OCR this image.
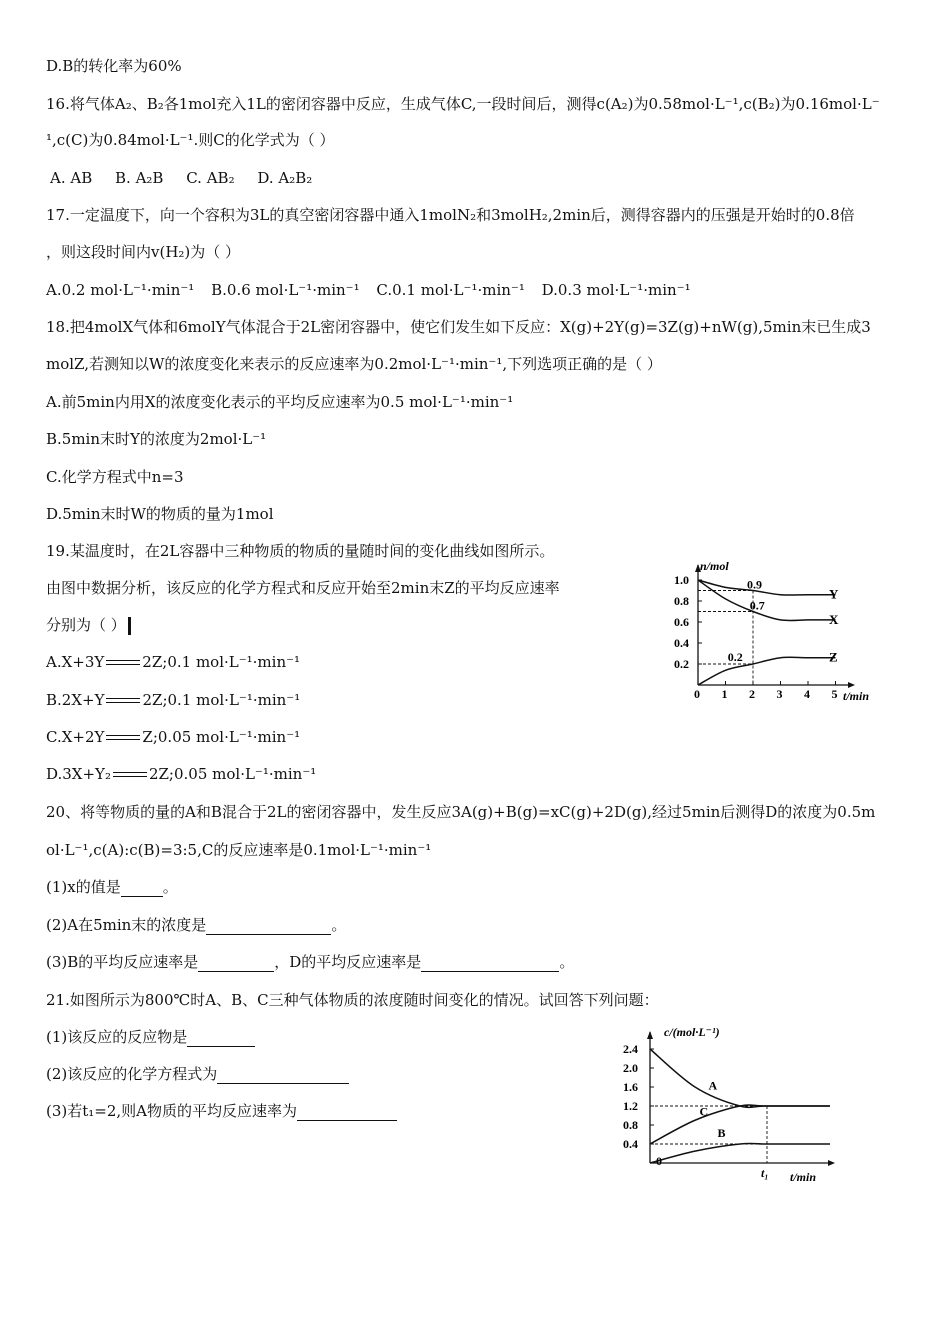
D.B的转化率为60%
16.将气体A₂、B₂各1mol充入1L的密闭容器中反应，生成气体C,一段时间后，测得c(A₂)为0.58mol·L⁻¹,c(B₂)为0.16mol·L⁻
¹,c(C)为0.84mol·L⁻¹.则C的化学式为（ ）
A. AB B. A₂B C. AB₂ D. A₂B₂
17.一定温度下，向一个容积为3L的真空密闭容器中通入1molN₂和3molH₂,2min后，测得容器内的压强是开始时的0.8倍
，则这段时间内v(H₂)为（ ）
A.0.2 mol·L⁻¹·min⁻¹ B.0.6 mol·L⁻¹·min⁻¹ C.0.1 mol·L⁻¹·min⁻¹ D.0.3 mol·L⁻¹·min⁻¹
18.把4molX气体和6molY气体混合于2L密闭容器中，使它们发生如下反应：X(g)+2Y(g)=3Z(g)+nW(g),5min末已生成3
molZ,若测知以W的浓度变化来表示的反应速率为0.2mol·L⁻¹·min⁻¹,下列选项正确的是（ ）
A.前5min内用X的浓度变化表示的平均反应速率为0.5 mol·L⁻¹·min⁻¹
B.5min末时Y的浓度为2mol·L⁻¹
C.化学方程式中n=3
D.5min末时W的物质的量为1mol
19.某温度时，在2L容器中三种物质的物质的量随时间的变化曲线如图所示。
由图中数据分析，该反应的化学方程式和反应开始至2min末Z的平均反应速率
分别为（ ）
A.X+3Y	2Z;0.1 mol·L⁻¹·min⁻¹
B.2X+Y	2Z;0.1 mol·L⁻¹·min⁻¹
C.X+2Y	Z;0.05 mol·L⁻¹·min⁻¹
D.3X+Y₂	2Z;0.05 mol·L⁻¹·min⁻¹
0 1 2 3 4 5
1.0
0.8
0.6
0.4
0.2
n/mol
t/min
0.9
0.7
0.2
Y
X
Z
20、将等物质的量的A和B混合于2L的密闭容器中，发生反应3A(g)+B(g)=xC(g)+2D(g),经过5min后测得D的浓度为0.5m
ol·L⁻¹,c(A):c(B)=3:5,C的反应速率是0.1mol·L⁻¹·min⁻¹
(1)x的值是	。
(2)A在5min末的浓度是	。
(3)B的平均反应速率是	，D的平均反应速率是	。
21.如图所示为800℃时A、B、C三种气体物质的浓度随时间变化的情况。试回答下列问题：
(1)该反应的反应物是
(2)该反应的化学方程式为
(3)若t₁=2,则A物质的平均反应速率为
2.4
2.0
1.6
1.2
0.8
0.4
0
t₁
c/(mol·L⁻¹)
t/min
A
C
B
